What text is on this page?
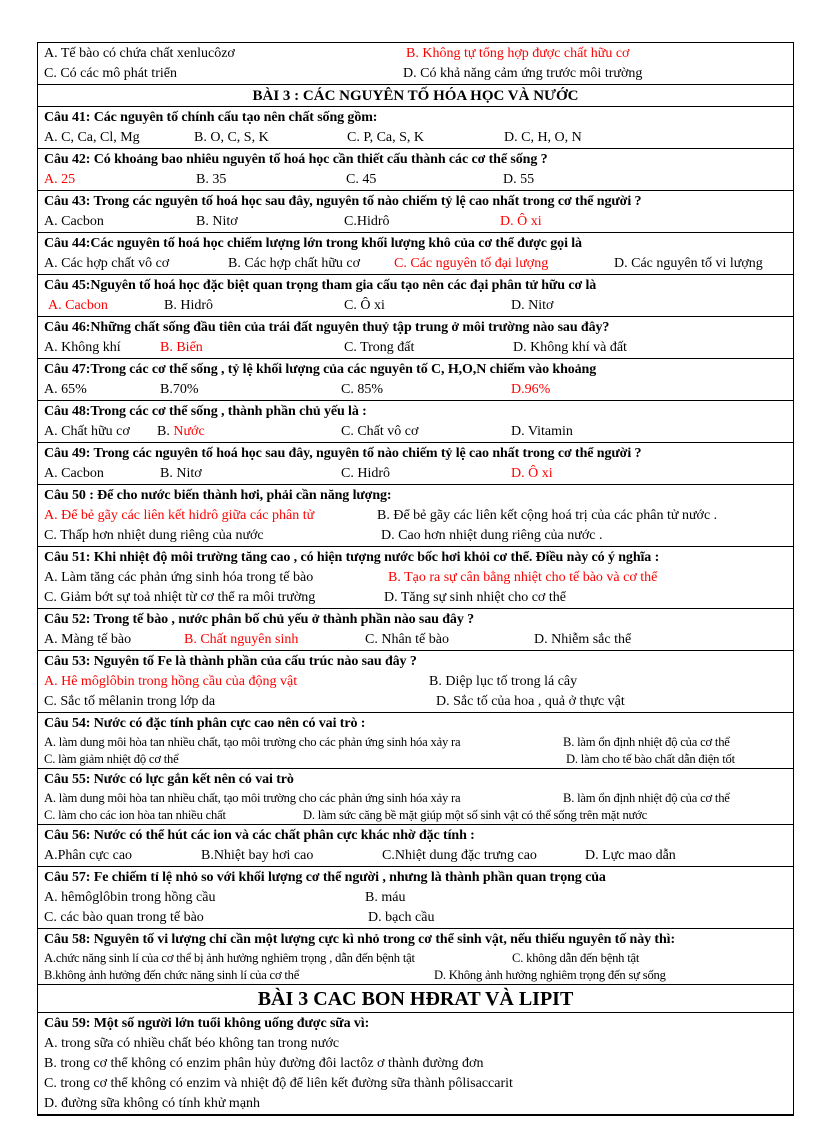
A. Tế bào có chứa chất xenlucôzơ	B. Không tự tổng hợp được chất hữu cơ
C. Có các mô phát triển	D. Có khả năng cảm ứng trước môi trường
BÀI 3 : CÁC NGUYÊN TỐ HÓA HỌC VÀ NƯỚC
Câu 41: Các nguyên tố chính cấu tạo nên chất sống gồm:
A. C, Ca, Cl, Mg	B. O, C, S, K	C. P, Ca, S, K	D. C, H, O, N
Câu 42: Có khoảng bao nhiêu nguyên tố hoá học cần thiết cấu thành các cơ thể sống ?
A. 25	B. 35	C. 45	D. 55
Câu 43: Trong các nguyên tố hoá học sau đây, nguyên tố nào chiếm tỷ lệ cao nhất trong cơ thể người ?
A. Cacbon	B. Nitơ	C.Hidrô	D. Ô xi
Câu 44:Các nguyên tố hoá học chiếm lượng lớn trong khối lượng khô của cơ thể được gọi là
A. Các hợp chất vô cơ	B. Các hợp chất hữu cơ C. Các nguyên tố đại lượng	D. Các nguyên tố vi lượng
Câu 45:Nguyên tố hoá học đặc biệt quan trọng tham gia cấu tạo nên các đại phân tử hữu cơ là
A. Cacbon	B. Hidrô	C. Ô xi	D. Nitơ
Câu 46:Những chất sống đầu tiên của trái đất nguyên thuỷ tập trung ở môi trường nào sau đây?
A. Không khí	B. Biển	C. Trong đất	D. Không khí và đất
Câu 47:Trong các cơ thể sống , tỷ lệ khối lượng của các nguyên tố C, H,O,N chiếm vào khoảng
A. 65%	B.70%	C. 85%	D.96%
Câu 48:Trong các cơ thể sống , thành phần chủ yếu là :
A. Chất hữu cơ B. Nước	C. Chất vô cơ	D. Vitamin
Câu 49: Trong các nguyên tố hoá học sau đây, nguyên tố nào chiếm tỷ lệ cao nhất trong cơ thể người ?
A. Cacbon	B. Nitơ	C. Hidrô	D. Ô xi
Câu 50 : Để cho nước biến thành hơi, phải cần năng lượng:
A. Để bẻ gãy các liên kết hidrô giữa các phân tử	B. Để bẻ gãy các liên kết cộng hoá trị của các phân tử nước .
C. Thấp hơn nhiệt dung riêng của nước	D. Cao hơn nhiệt dung riêng của nước .
Câu 51: Khi nhiệt độ môi trường tăng cao , có hiện tượng nước bốc hơi khỏi cơ thể. Điều này có ý nghĩa :
A. Làm tăng các phản ứng sinh hóa trong tế bào	B. Tạo ra sự cân bằng nhiệt cho tế bào và cơ thể
C. Giảm bớt sự toả nhiệt từ cơ thể ra môi trường	D. Tăng sự sinh nhiệt cho cơ thể
Câu 52: Trong tế bào , nước phân bố chủ yếu ở thành phần nào sau đây ?
A. Màng tế bào	B. Chất nguyên sinh	C. Nhân tế bào	D. Nhiễm sắc thể
Câu 53: Nguyên tố Fe là thành phần của cấu trúc nào sau đây ?
A. Hê môglôbin trong hồng cầu của động vật	B. Diệp lục tố trong lá cây
C. Sắc tố mêlanin trong lớp da	D. Sắc tố của hoa , quả ở thực vật
Câu 54: Nước có đặc tính phân cực cao nên có vai trò :
A. làm dung môi hòa tan nhiều chất, tạo môi trường cho các phản ứng sinh hóa xảy ra	B. làm ổn định nhiệt độ của cơ thể
C. làm giảm nhiệt độ cơ thể	D. làm cho tế bào chất dẫn điện tốt
Câu 55: Nước có lực gắn kết nên có vai trò
A. làm dung môi hòa tan nhiều chất, tạo môi trường cho các phản ứng sinh hóa xảy ra	B. làm ổn định nhiệt độ của cơ thể
C. làm cho các ion hòa tan nhiều chất	D. làm sức căng bề mặt giúp một số sinh vật có thể sống trên mặt nước
Câu 56: Nước có thể hút các ion và các chất phân cực khác nhờ đặc tính :
A.Phân cực cao	B.Nhiệt bay hơi cao	C.Nhiệt dung đặc trưng cao	D. Lực mao dẫn
Câu 57: Fe chiếm tỉ lệ nhỏ so với khối lượng cơ thể người , nhưng là thành phần quan trọng của
A. hêmôglôbin trong hồng cầu	B. máu
C. các bào quan trong tế bào	D. bạch cầu
Câu 58: Nguyên tố vi lượng chỉ cần một lượng cực kì nhỏ trong cơ thể sinh vật, nếu thiếu nguyên tố này thì:
A.chức năng sinh lí của cơ thể bị ảnh hưởng nghiêm trọng , dẫn đến bệnh tật	C. không dẫn đến bệnh tật
B.không ảnh hưởng đến chức năng sinh lí của cơ thể	D. Không ảnh hưởng nghiêm trọng đến sự sống
BÀI 3 CAC BON HĐRAT VÀ LIPIT
Câu 59: Một số người lớn tuổi không uống được sữa vì:
A. trong sữa có nhiều chất béo không tan trong nước
B. trong cơ thể không có enzim phân hủy đường đôi lactôz ơ thành đường đơn
C. trong cơ thể không có enzim và nhiệt độ để liên kết đường sữa thành pôlisaccarit
D. đường sữa không có tính khử mạnh
